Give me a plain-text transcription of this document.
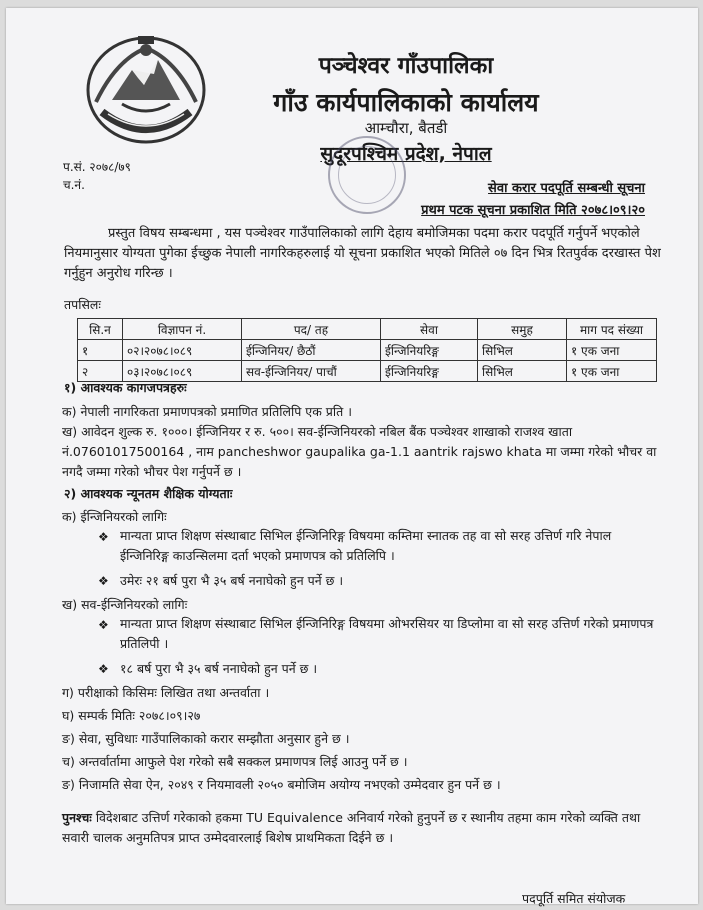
पञ्चेश्वर गाँउपालिका
गाँउ कार्यपालिकाको कार्यालय
आम्चौरा, बैतडी
सुदूरपश्चिम प्रदेश, नेपाल
प.सं. २०७८/७९
च.नं.	सेवा करार पदपूर्ति सम्बन्धी सूचना
प्रथम पटक सूचना प्रकाशित मिति २०७८।०९।२०
प्रस्तुत विषय सम्बन्धमा , यस पञ्चेश्वर गाउँपालिकाको लागि देहाय बमोजिमका पदमा करार पदपूर्ति गर्नुपर्ने भएकोले नियमानुसार योग्यता पुगेका ईच्छुक नेपाली नागरिकहरुलाई यो सूचना प्रकाशित भएको मितिले ०७ दिन भित्र रितपुर्वक दरखास्त पेश गर्नुहुन अनुरोध गरिन्छ ।
तपसिलः
सि.न	विज्ञापन नं.	पद/ तह	सेवा	समुह	माग पद संख्या
१	०२।२०७८।०८९	ईन्जिनियर/ छैठौं	ईन्जिनियरिङ्ग	सिभिल	१ एक जना
२	०३।२०७८।०८९	सव-ईन्जिनियर/ पाचौं	ईन्जिनियरिङ्ग	सिभिल	१ एक जना
१) आवश्यक कागजपत्रहरुः
क) नेपाली नागरिकता प्रमाणपत्रको प्रमाणित प्रतिलिपि एक प्रति ।
ख) आवेदन शुल्क रु. १०००। ईन्जिनियर र रु. ५००। सव-ईन्जिनियरको नबिल बैंक पञ्चेश्वर शाखाको राजश्व खाता नं.07601017500164 , नाम pancheshwor gaupalika ga-1.1 aantrik rajswo khata मा जम्मा गरेको भौचर वा नगदै जम्मा गरेको भौचर पेश गर्नुपर्ने छ ।
२) आवश्यक न्यूनतम शैक्षिक योग्यताः
क) ईन्जिनियरको लागिः
❖ मान्यता प्राप्त शिक्षण संस्थाबाट सिभिल ईन्जिनिरिङ्ग विषयमा कम्तिमा स्नातक तह वा सो सरह उत्तिर्ण गरि नेपाल ईन्जिनिरिङ्ग काउन्सिलमा दर्ता भएको प्रमाणपत्र को प्रतिलिपि ।
❖ उमेरः २१ बर्ष पुरा भै ३५ बर्ष ननाघेको हुन पर्ने छ ।
ख) सव-ईन्जिनियरको लागिः
❖ मान्यता प्राप्त शिक्षण संस्थाबाट सिभिल ईन्जिनिरिङ्ग विषयमा ओभरसियर या डिप्लोमा वा सो सरह उत्तिर्ण गरेको प्रमाणपत्र प्रतिलिपी ।
❖ १८ बर्ष पुरा भै ३५ बर्ष ननाघेको हुन पर्ने छ ।
ग) परीक्षाको किसिमः लिखित तथा अन्तर्वाता ।
घ) सम्पर्क मितिः २०७८।०९।२७
ङ) सेवा, सुविधाः गाउँपालिकाको करार सम्झौता अनुसार हुने छ ।
च) अन्तर्वार्तामा आफुले पेश गरेको सबै सक्कल प्रमाणपत्र लिई आउनु पर्ने छ ।
ङ) निजामति सेवा ऐन, २०४९ र नियमावली २०५० बमोजिम अयोग्य नभएको उम्मेदवार हुन पर्ने छ ।
पुनश्चः विदेशबाट उत्तिर्ण गरेकाको हकमा TU Equivalence अनिवार्य गरेको हुनुपर्ने छ र स्थानीय तहमा काम गरेको व्यक्ति तथा सवारी चालक अनुमतिपत्र प्राप्त उम्मेदवारलाई बिशेष प्राथमिकता दिईने छ ।
पदपूर्ति समित संयोजक
